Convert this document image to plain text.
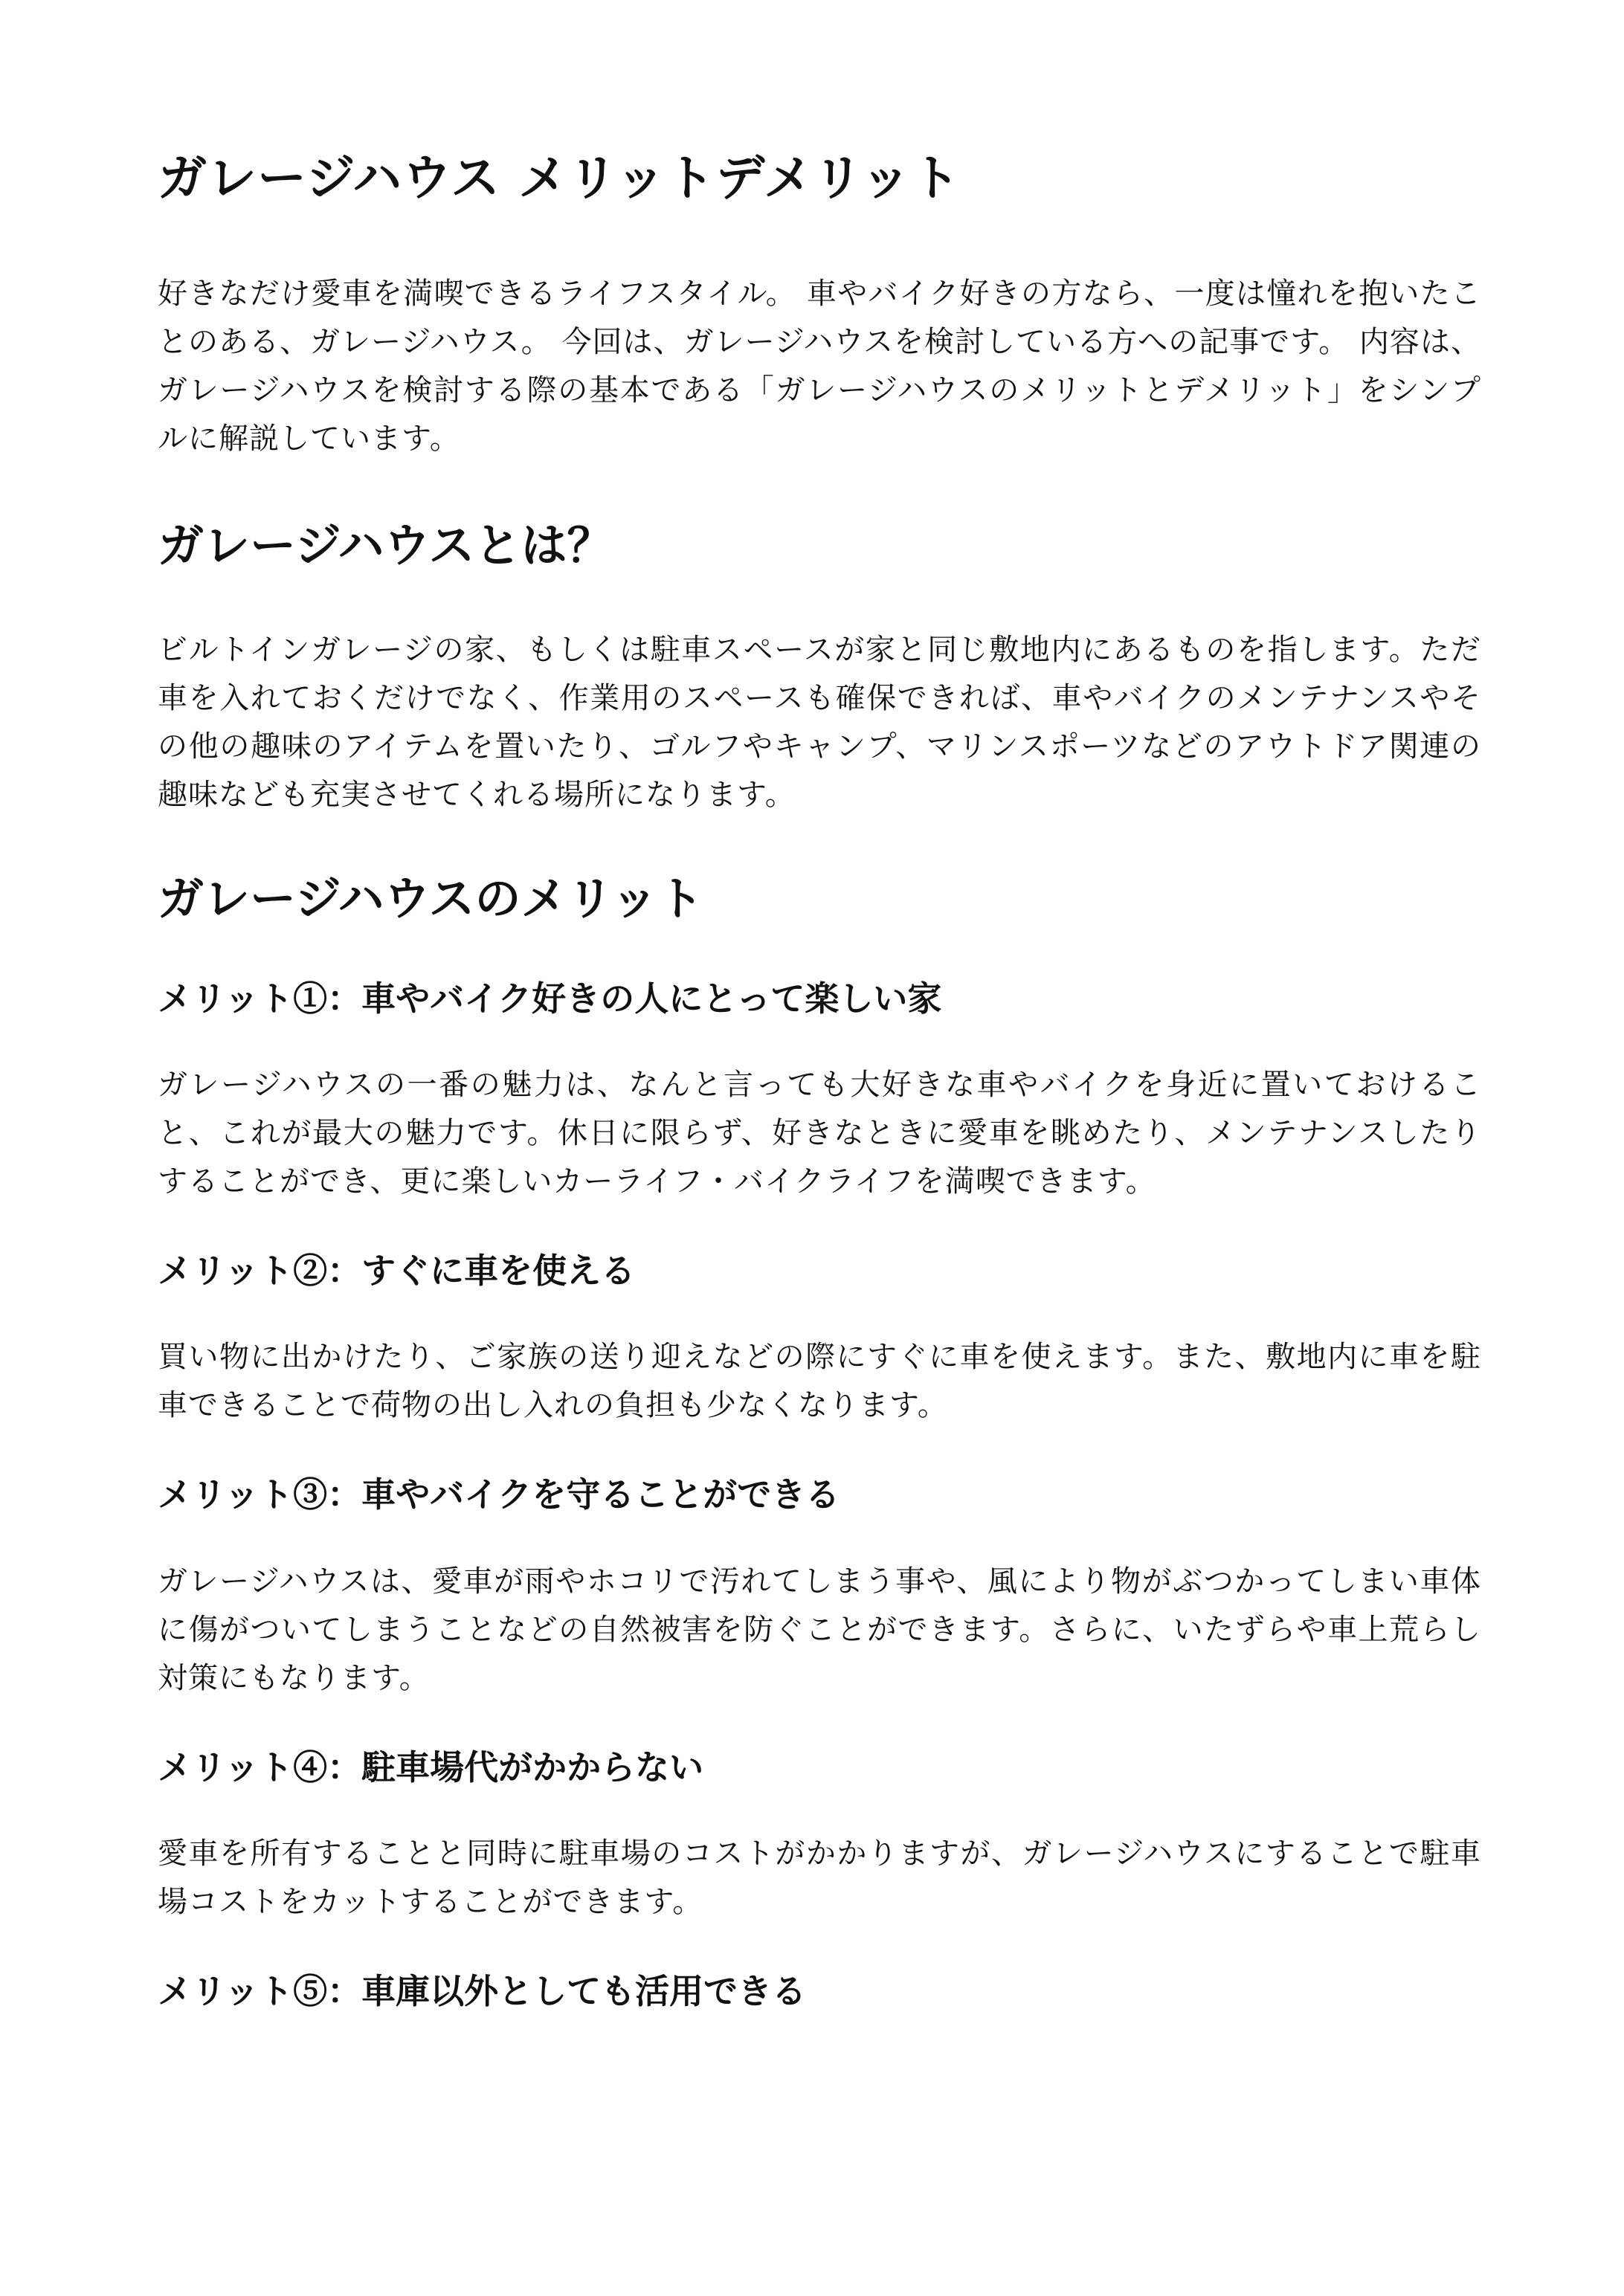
ガレージハウス メリットデメリット

好きなだけ愛車を満喫できるライフスタイル。 車やバイク好きの方なら、一度は憧れを抱いたことのある、ガレージハウス。 今回は、ガレージハウスを検討している方への記事です。 内容は、ガレージハウスを検討する際の基本である「ガレージハウスのメリットとデメリット」をシンプルに解説しています。

ガレージハウスとは？

ビルトインガレージの家、もしくは駐車スペースが家と同じ敷地内にあるものを指します。ただ車を入れておくだけでなく、作業用のスペースも確保できれば、車やバイクのメンテナンスやその他の趣味のアイテムを置いたり、ゴルフやキャンプ、マリンスポーツなどのアウトドア関連の趣味なども充実させてくれる場所になります。

ガレージハウスのメリット
メリット①：車やバイク好きの人にとって楽しい家

ガレージハウスの一番の魅力は、なんと言っても大好きな車やバイクを身近に置いておけること、これが最大の魅力です。休日に限らず、好きなときに愛車を眺めたり、メンテナンスしたりすることができ、更に楽しいカーライフ・バイクライフを満喫できます。

メリット②：すぐに車を使える

買い物に出かけたり、ご家族の送り迎えなどの際にすぐに車を使えます。また、敷地内に車を駐車できることで荷物の出し入れの負担も少なくなります。

メリット③：車やバイクを守ることができる

ガレージハウスは、愛車が雨やホコリで汚れてしまう事や、風により物がぶつかってしまい車体に傷がついてしまうことなどの自然被害を防ぐことができます。さらに、いたずらや車上荒らし対策にもなります。

メリット④：駐車場代がかからない

愛車を所有することと同時に駐車場のコストがかかりますが、ガレージハウスにすることで駐車場コストをカットすることができます。

メリット⑤：車庫以外としても活用できる
